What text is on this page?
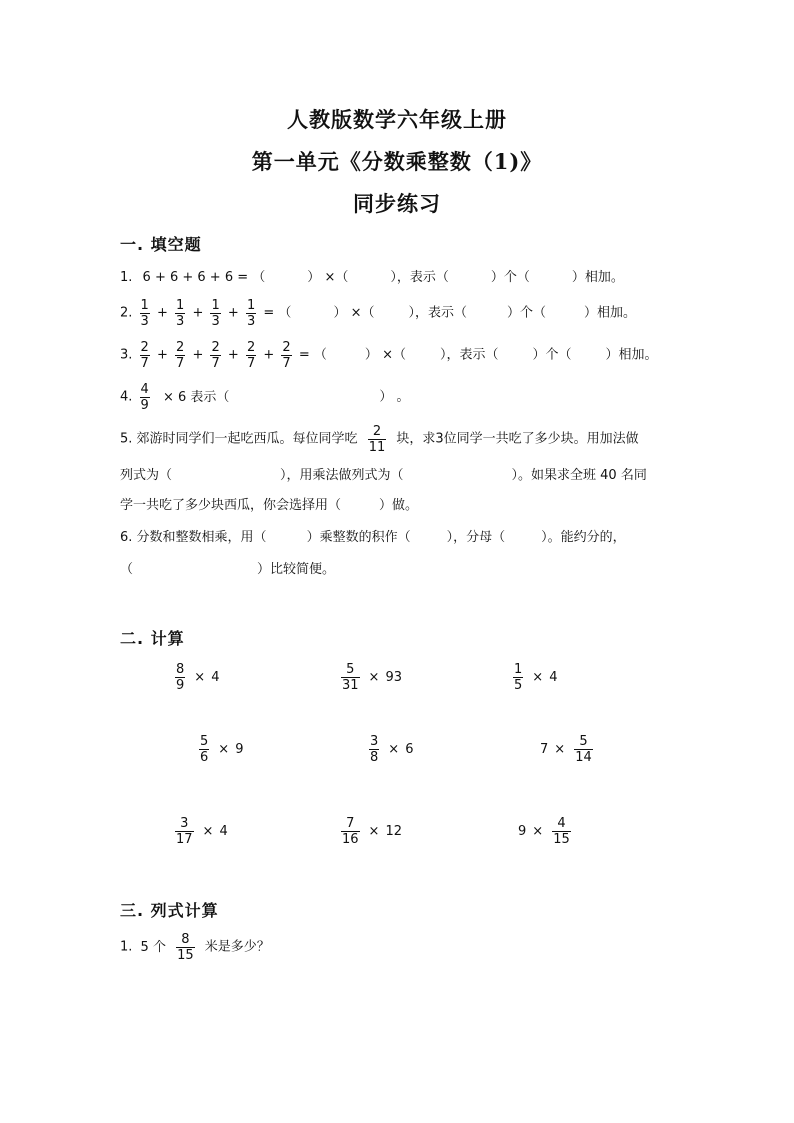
人教版数学六年级上册
第一单元《分数乘整数（1)》
同步练习
一. 填空题
1. 6 + 6 + 6 + 6 = （	） ×（	），表示（	）个（	）相加。
2. $\frac{1}{3} + \frac{1}{3} + \frac{1}{3} + \frac{1}{3}$ = （	） ×（	），表示（	）个（	）相加。
3. $\frac{2}{7} + \frac{2}{7} + \frac{2}{7} + \frac{2}{7} + \frac{2}{7}$ = （	） ×（	），表示（	）个（	）相加。
4. $\frac{4}{9} \times 6$ 表示（	） 。
5. 郊游时同学们一起吃西瓜。每位同学吃 $\frac{2}{11}$ 块，求3位同学一共吃了多少块。用加法做
列式为（	），用乘法做列式为（	）。如果求全班 40 名同
学一共吃了多少块西瓜，你会选择用（	）做。
6. 分数和整数相乘，用（	）乘整数的积作（	），分母（	）。能约分的，
（	）比较简便。
二. 计算
$\frac{8}{9} \times 4$	$\frac{5}{31} \times 93$	$\frac{1}{5} \times 4$
$\frac{5}{6} \times 9$	$\frac{3}{8} \times 6$	$7 \times \frac{5}{14}$
$\frac{3}{17} \times 4$	$\frac{7}{16} \times 12$	$9 \times \frac{4}{15}$
三. 列式计算
1. 5 个 $\frac{8}{15}$ 米是多少？
